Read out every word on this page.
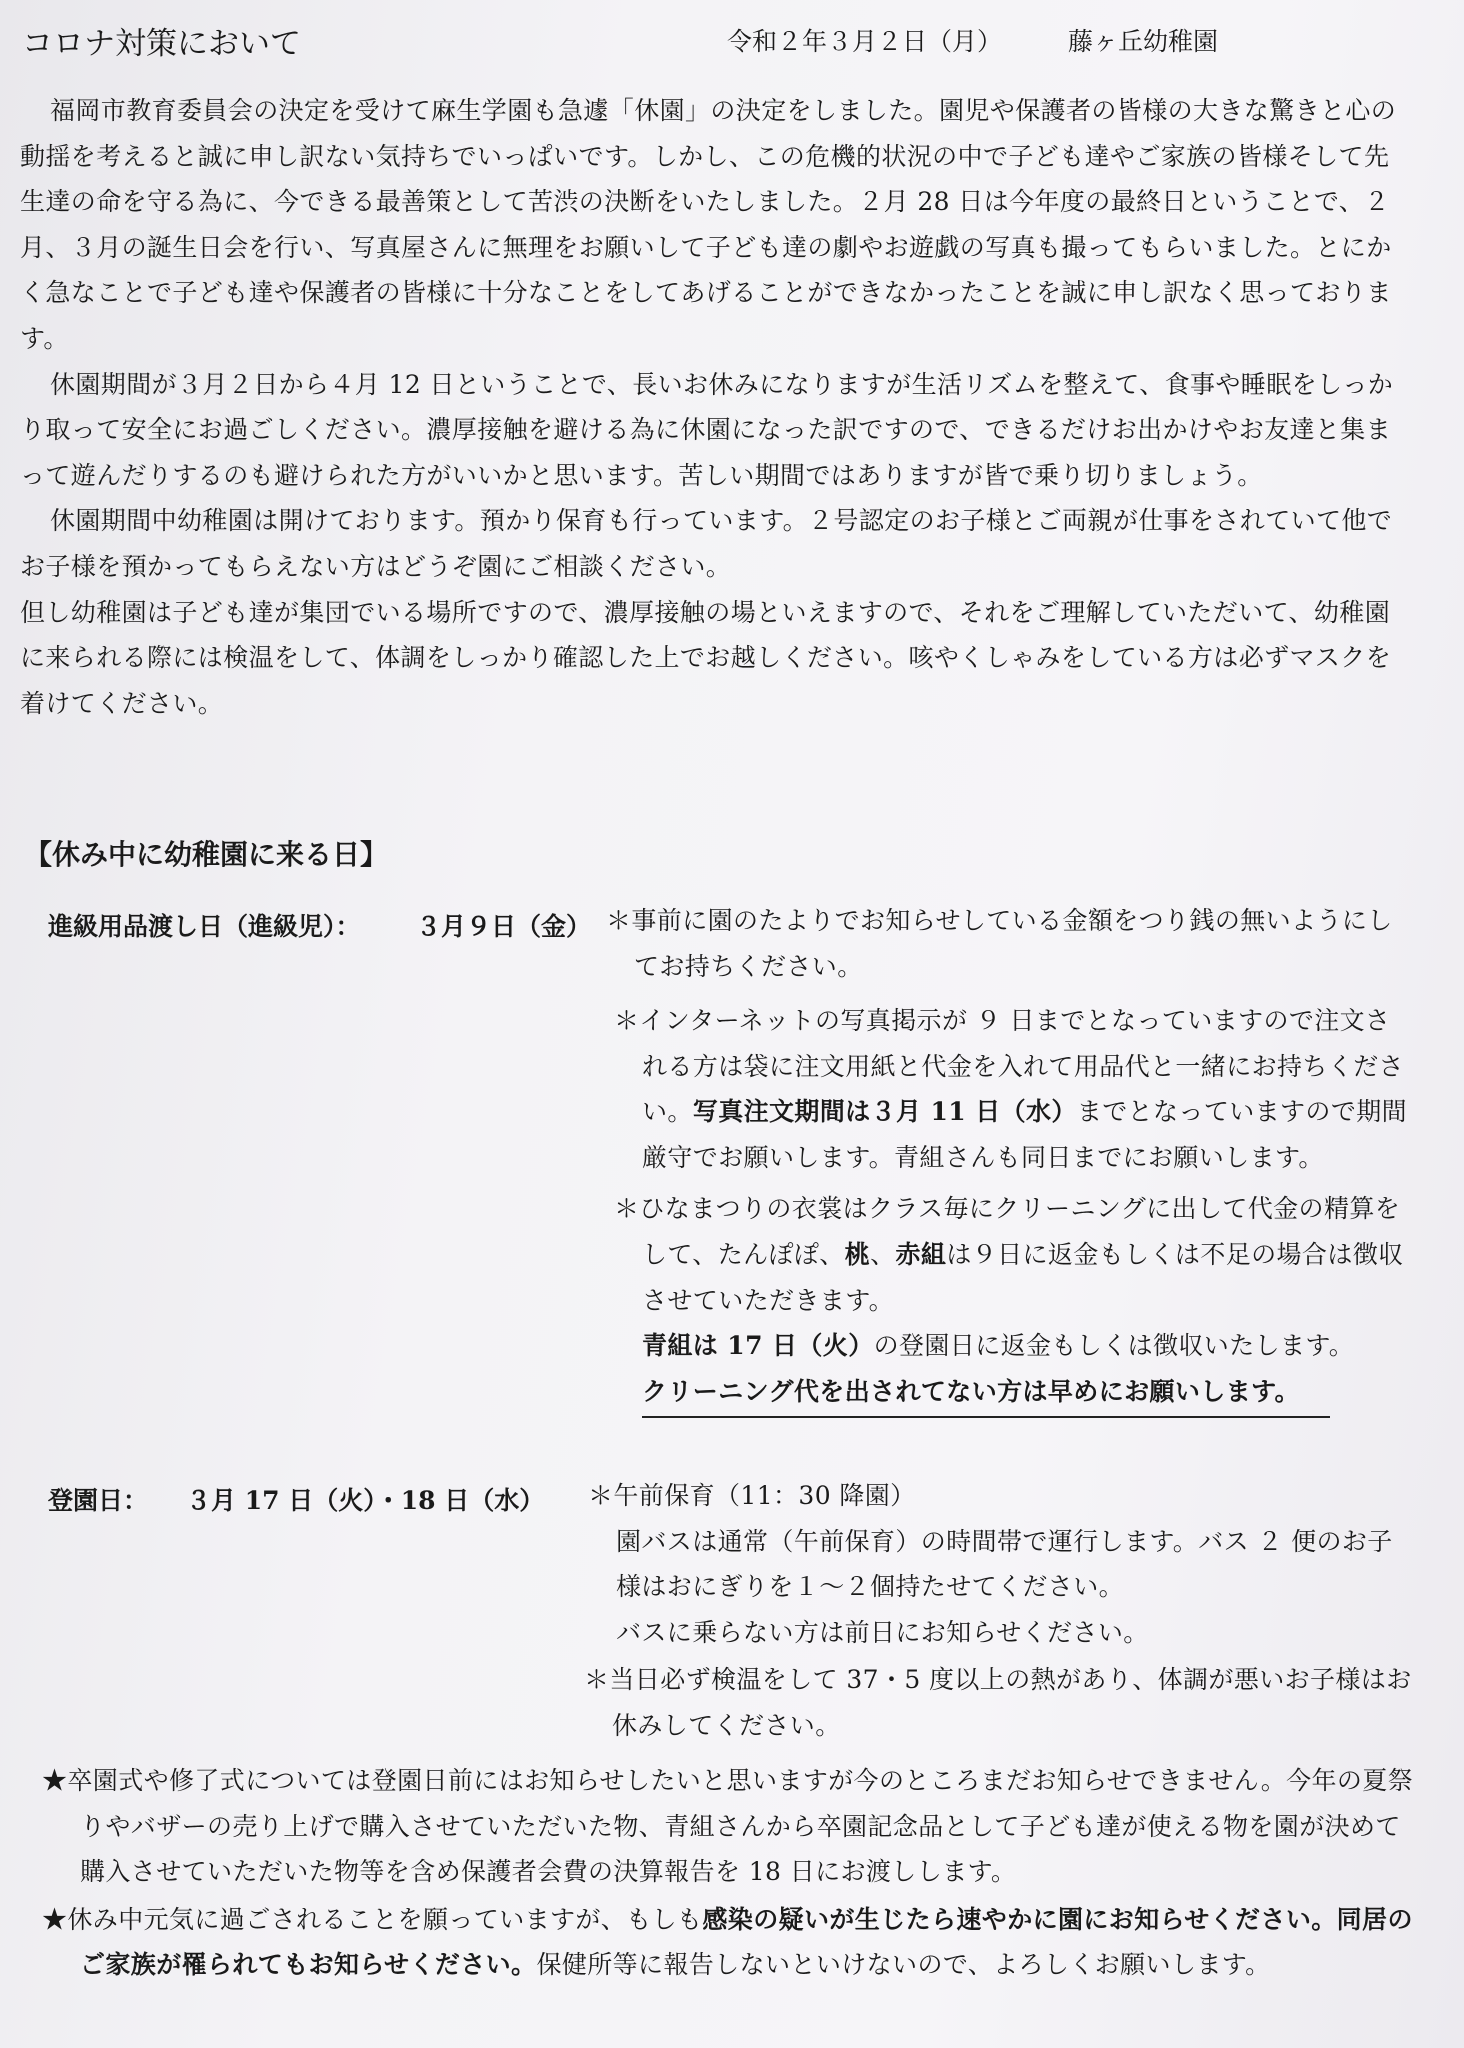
コロナ対策において	令和２年３月２日（月）	藤ヶ丘幼稚園

福岡市教育委員会の決定を受けて麻生学園も急遽「休園」の決定をしました。園児や保護者の皆様の大きな驚きと心の動揺を考えると誠に申し訳ない気持ちでいっぱいです。しかし、この危機的状況の中で子ども達やご家族の皆様そして先生達の命を守る為に、今できる最善策として苦渋の決断をいたしました。２月 28 日は今年度の最終日ということで、２月、３月の誕生日会を行い、写真屋さんに無理をお願いして子ども達の劇やお遊戯の写真も撮ってもらいました。とにかく急なことで子ども達や保護者の皆様に十分なことをしてあげることができなかったことを誠に申し訳なく思っております。

休園期間が３月２日から４月 12 日ということで、長いお休みになりますが生活リズムを整えて、食事や睡眠をしっかり取って安全にお過ごしください。濃厚接触を避ける為に休園になった訳ですので、できるだけお出かけやお友達と集まって遊んだりするのも避けられた方がいいかと思います。苦しい期間ではありますが皆で乗り切りましょう。

休園期間中幼稚園は開けております。預かり保育も行っています。２号認定のお子様とご両親が仕事をされていて他でお子様を預かってもらえない方はどうぞ園にご相談ください。

但し幼稚園は子ども達が集団でいる場所ですので、濃厚接触の場といえますので、それをご理解していただいて、幼稚園に来られる際には検温をして、体調をしっかり確認した上でお越しください。咳やくしゃみをしている方は必ずマスクを着けてください。

【休み中に幼稚園に来る日】
進級用品渡し日（進級児）： ３月９日（金） ＊事前に園のたよりでお知らせしている金額をつり銭の無いようにしてお持ちください。

＊インターネットの写真掲示が ９ 日までとなっていますので注文される方は袋に注文用紙と代金を入れて用品代と一緒にお持ちください。写真注文期間は３月 11 日（水）までとなっていますので期間厳守でお願いします。青組さんも同日までにお願いします。

＊ひなまつりの衣裳はクラス毎にクリーニングに出して代金の精算をして、たんぽぽ、桃、赤組は９日に返金もしくは不足の場合は徴収させていただきます。

青組は 17 日（火）の登園日に返金もしくは徴収いたします。

クリーニング代を出されてない方は早めにお願いします。

登園日： ３月 17 日（火）・18 日（水） ＊午前保育（11：30 降園）

園バスは通常（午前保育）の時間帯で運行します。バス ２ 便のお子様はおにぎりを１〜２個持たせてください。

バスに乗らない方は前日にお知らせください。

＊当日必ず検温をして 37・5 度以上の熱があり、体調が悪いお子様はお休みしてください。

★卒園式や修了式については登園日前にはお知らせしたいと思いますが今のところまだお知らせできません。今年の夏祭りやバザーの売り上げで購入させていただいた物、青組さんから卒園記念品として子ども達が使える物を園が決めて購入させていただいた物等を含め保護者会費の決算報告を 18 日にお渡しします。

★休み中元気に過ごされることを願っていますが、もしも感染の疑いが生じたら速やかに園にお知らせください。同居のご家族が罹られてもお知らせください。保健所等に報告しないといけないので、よろしくお願いします。
